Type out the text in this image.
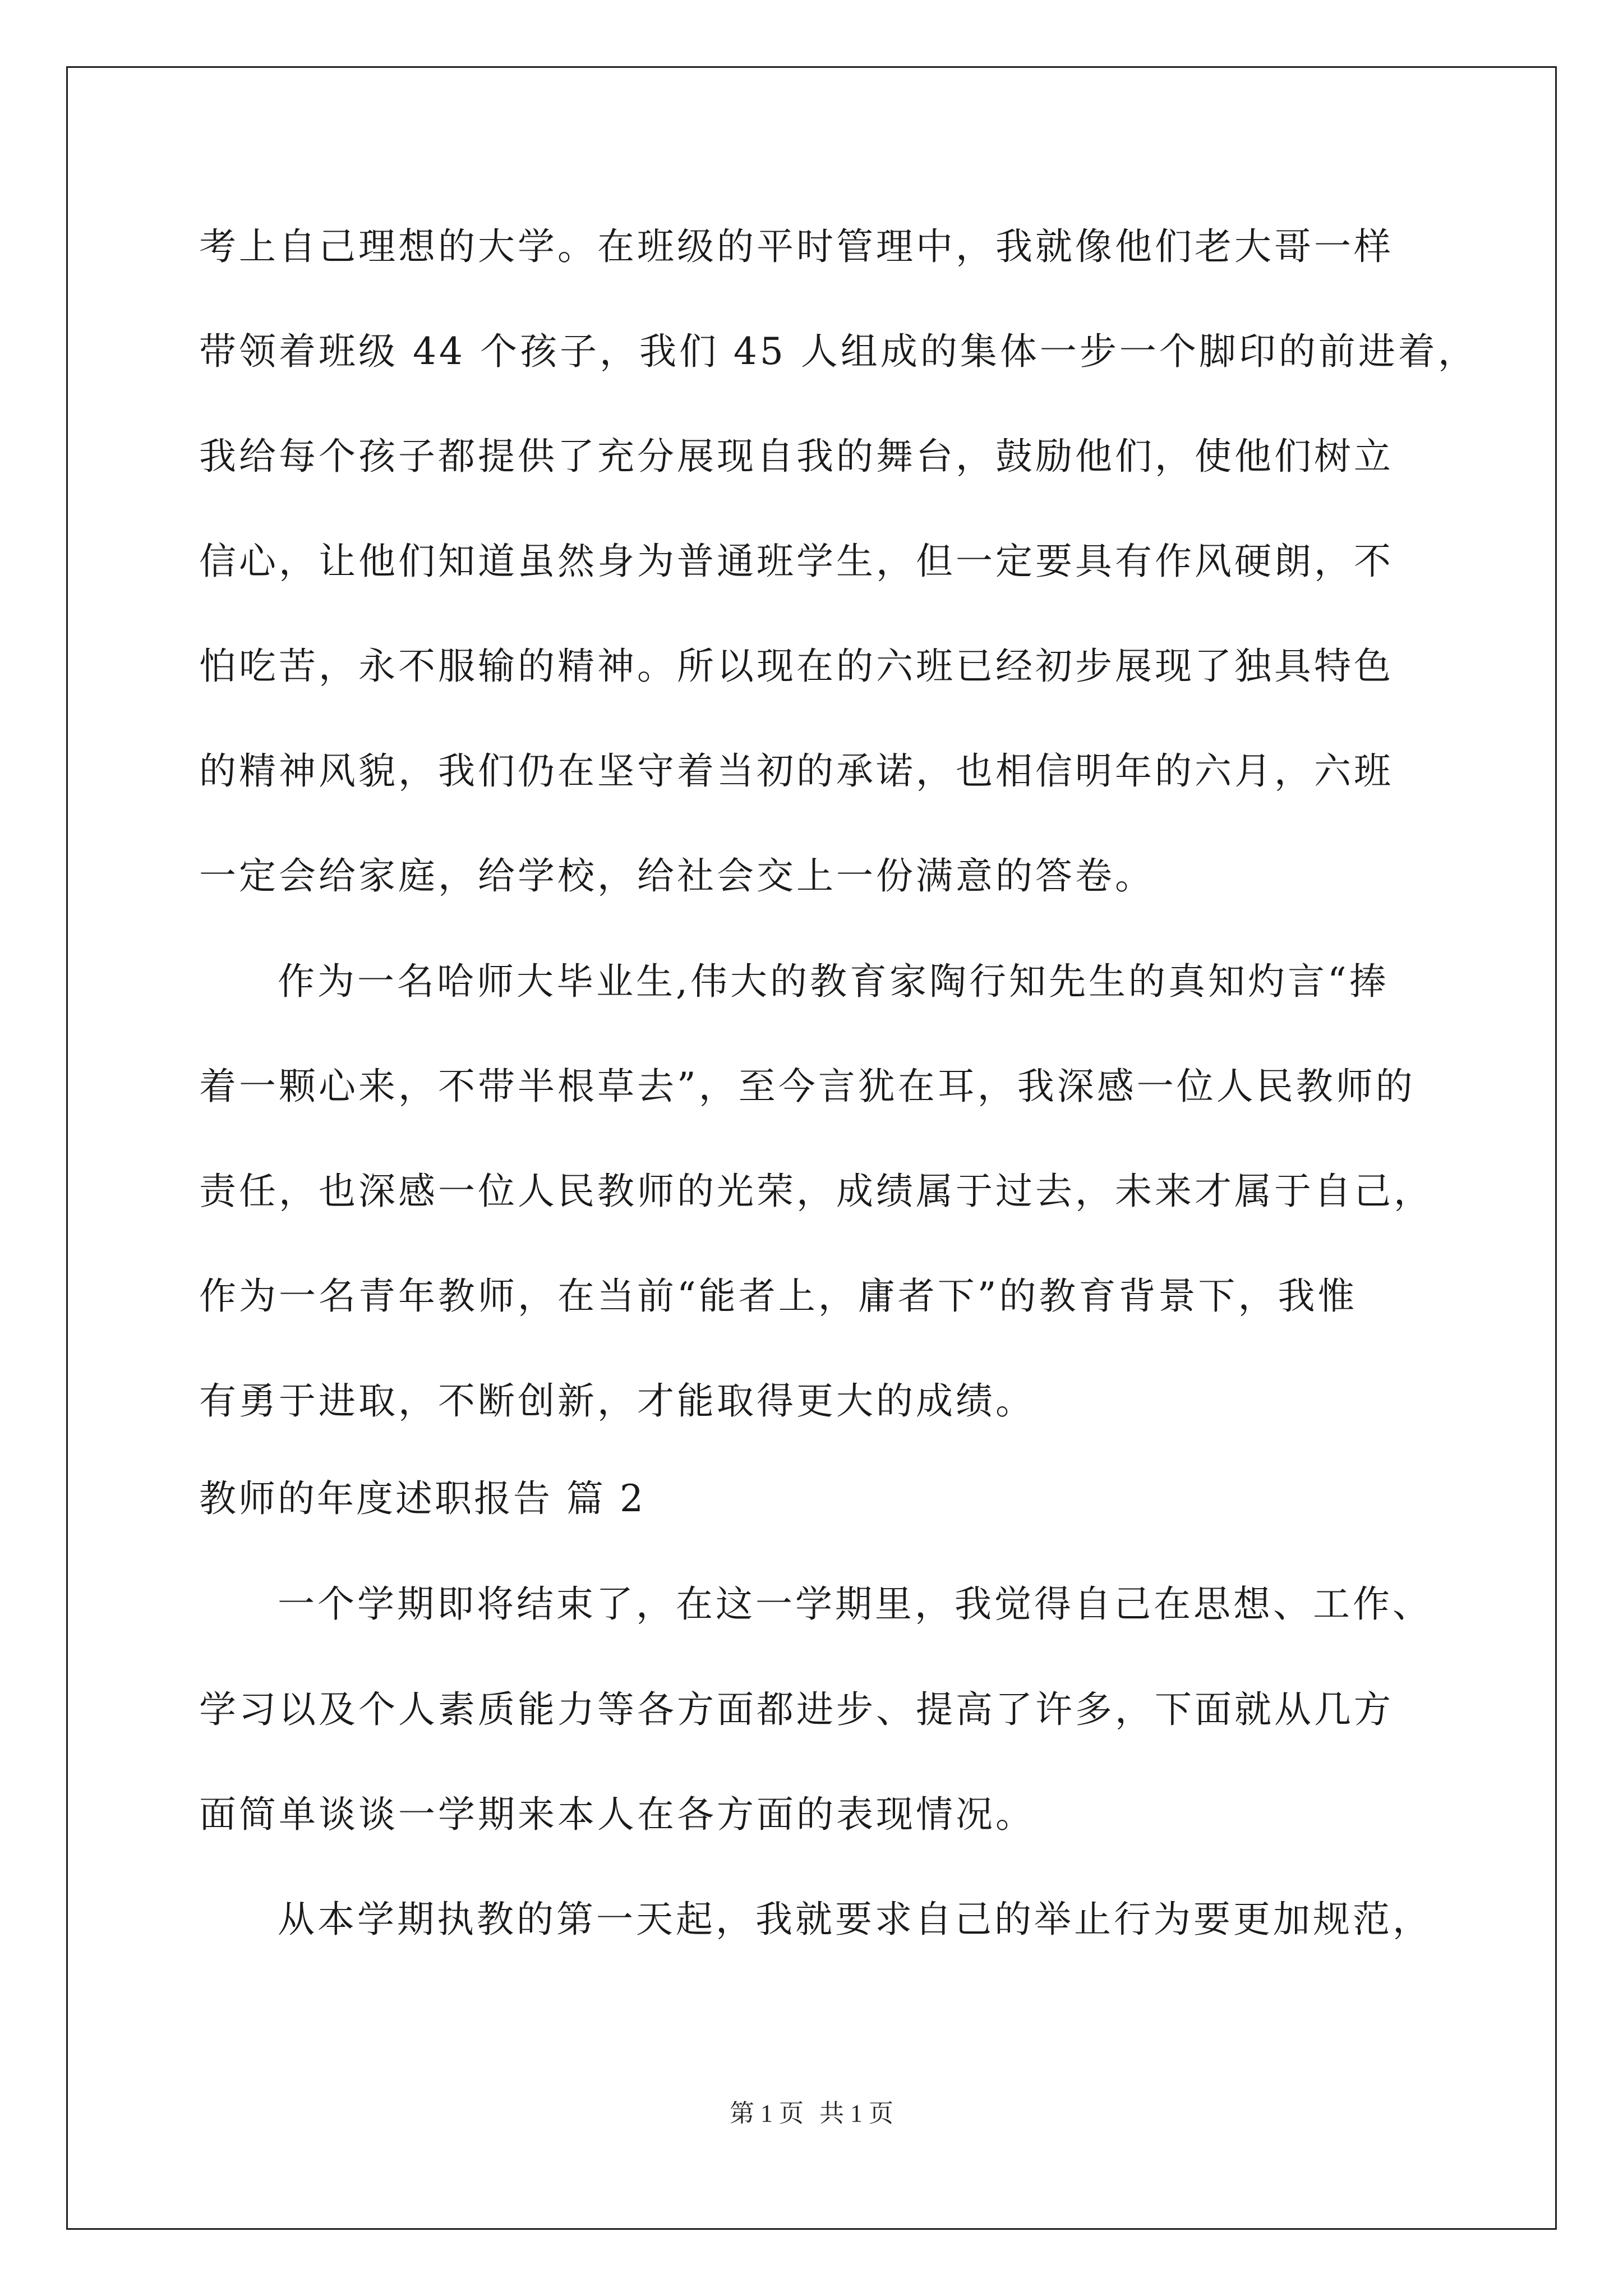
考上自己理想的大学。在班级的平时管理中，我就像他们老大哥一样
带领着班级 44 个孩子，我们 45 人组成的集体一步一个脚印的前进着，
我给每个孩子都提供了充分展现自我的舞台，鼓励他们，使他们树立
信心，让他们知道虽然身为普通班学生，但一定要具有作风硬朗，不
怕吃苦，永不服输的精神。所以现在的六班已经初步展现了独具特色
的精神风貌，我们仍在坚守着当初的承诺，也相信明年的六月，六班
一定会给家庭，给学校，给社会交上一份满意的答卷。
作为一名哈师大毕业生,伟大的教育家陶行知先生的真知灼言“捧
着一颗心来，不带半根草去”，至今言犹在耳，我深感一位人民教师的
责任，也深感一位人民教师的光荣，成绩属于过去，未来才属于自己，
作为一名青年教师，在当前“能者上，庸者下”的教育背景下，我惟
有勇于进取，不断创新，才能取得更大的成绩。
教师的年度述职报告 篇 2
一个学期即将结束了，在这一学期里，我觉得自己在思想、工作、
学习以及个人素质能力等各方面都进步、提高了许多，下面就从几方
面简单谈谈一学期来本人在各方面的表现情况。
从本学期执教的第一天起，我就要求自己的举止行为要更加规范，
第 1 页 共 1 页
